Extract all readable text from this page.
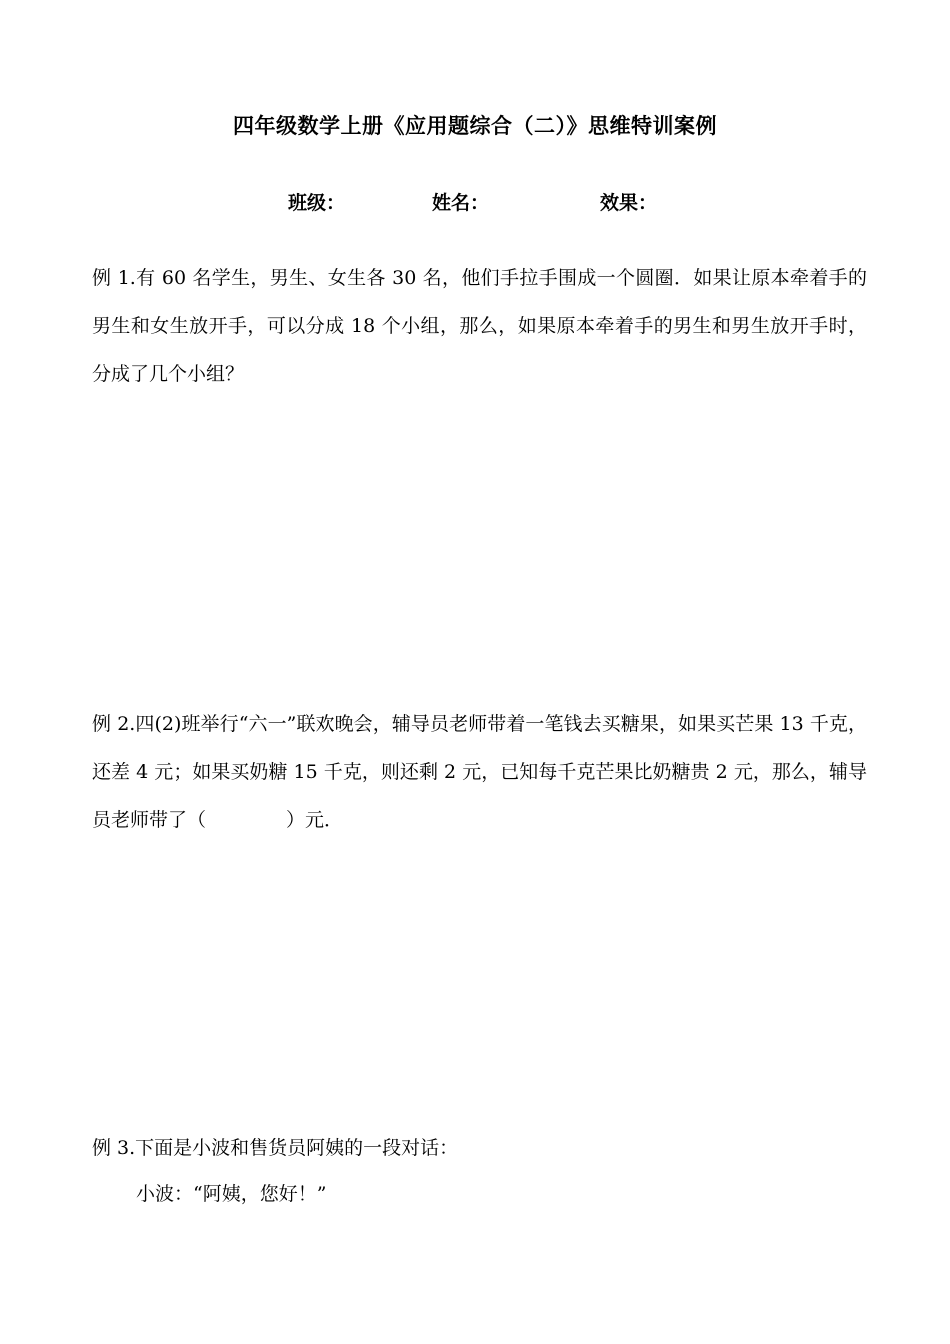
四年级数学上册《应用题综合（二）》思维特训案例
班级：	姓名：	效果：
例 1.有 60 名学生，男生、女生各 30 名，他们手拉手围成一个圆圈．如果让原本牵着手的男生和女生放开手，可以分成 18 个小组，那么，如果原本牵着手的男生和男生放开手时，分成了几个小组？
例 2.四(2)班举行“六一”联欢晚会，辅导员老师带着一笔钱去买糖果，如果买芒果 13 千克，还差 4 元；如果买奶糖 15 千克，则还剩 2 元，已知每千克芒果比奶糖贵 2 元，那么，辅导员老师带了（	）元．
例 3.下面是小波和售货员阿姨的一段对话：
小波：“阿姨，您好！”
